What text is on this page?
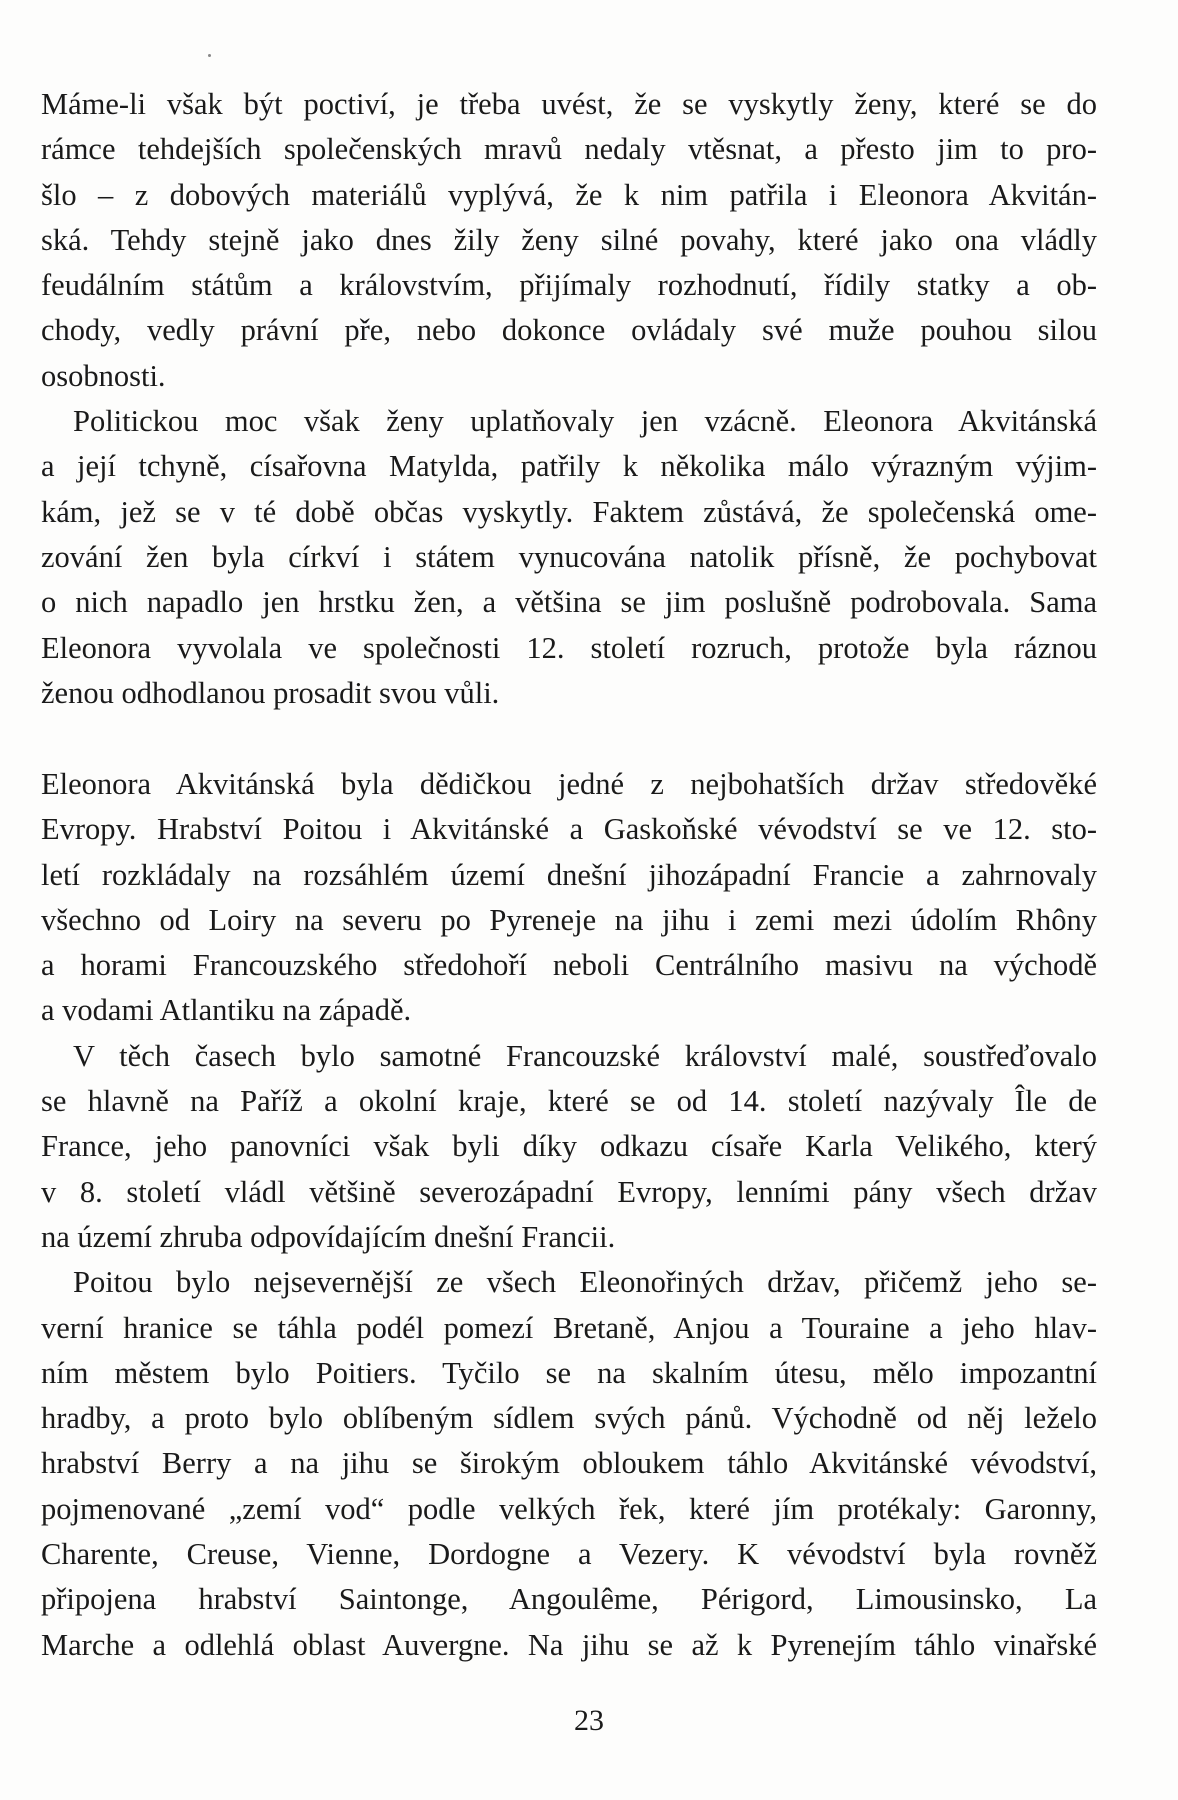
Máme-li však být poctiví, je třeba uvést, že se vyskytly ženy, které se do
rámce tehdejších společenských mravů nedaly vtěsnat, a přesto jim to pro-
šlo – z dobových materiálů vyplývá, že k nim patřila i Eleonora Akvitán-
ská. Tehdy stejně jako dnes žily ženy silné povahy, které jako ona vládly
feudálním státům a královstvím, přijímaly rozhodnutí, řídily statky a ob-
chody, vedly právní pře, nebo dokonce ovládaly své muže pouhou silou
osobnosti.
Politickou moc však ženy uplatňovaly jen vzácně. Eleonora Akvitánská
a její tchyně, císařovna Matylda, patřily k několika málo výrazným výjim-
kám, jež se v té době občas vyskytly. Faktem zůstává, že společenská ome-
zování žen byla církví i státem vynucována natolik přísně, že pochybovat
o nich napadlo jen hrstku žen, a většina se jim poslušně podrobovala. Sama
Eleonora vyvolala ve společnosti 12. století rozruch, protože byla ráznou
ženou odhodlanou prosadit svou vůli.
Eleonora Akvitánská byla dědičkou jedné z nejbohatších držav středověké
Evropy. Hrabství Poitou i Akvitánské a Gaskoňské vévodství se ve 12. sto-
letí rozkládaly na rozsáhlém území dnešní jihozápadní Francie a zahrnovaly
všechno od Loiry na severu po Pyreneje na jihu i zemi mezi údolím Rhôny
a horami Francouzského středohoří neboli Centrálního masivu na východě
a vodami Atlantiku na západě.
V těch časech bylo samotné Francouzské království malé, soustřeďovalo
se hlavně na Paříž a okolní kraje, které se od 14. století nazývaly Île de
France, jeho panovníci však byli díky odkazu císaře Karla Velikého, který
v 8. století vládl většině severozápadní Evropy, lenními pány všech držav
na území zhruba odpovídajícím dnešní Francii.
Poitou bylo nejsevernější ze všech Eleonořiných držav, přičemž jeho se-
verní hranice se táhla podél pomezí Bretaně, Anjou a Touraine a jeho hlav-
ním městem bylo Poitiers. Tyčilo se na skalním útesu, mělo impozantní
hradby, a proto bylo oblíbeným sídlem svých pánů. Východně od něj leželo
hrabství Berry a na jihu se širokým obloukem táhlo Akvitánské vévodství,
pojmenované „zemí vod“ podle velkých řek, které jím protékaly: Garonny,
Charente, Creuse, Vienne, Dordogne a Vezery. K vévodství byla rovněž
připojena hrabství Saintonge, Angoulême, Périgord, Limousinsko, La
Marche a odlehlá oblast Auvergne. Na jihu se až k Pyrenejím táhlo vinařské
23
